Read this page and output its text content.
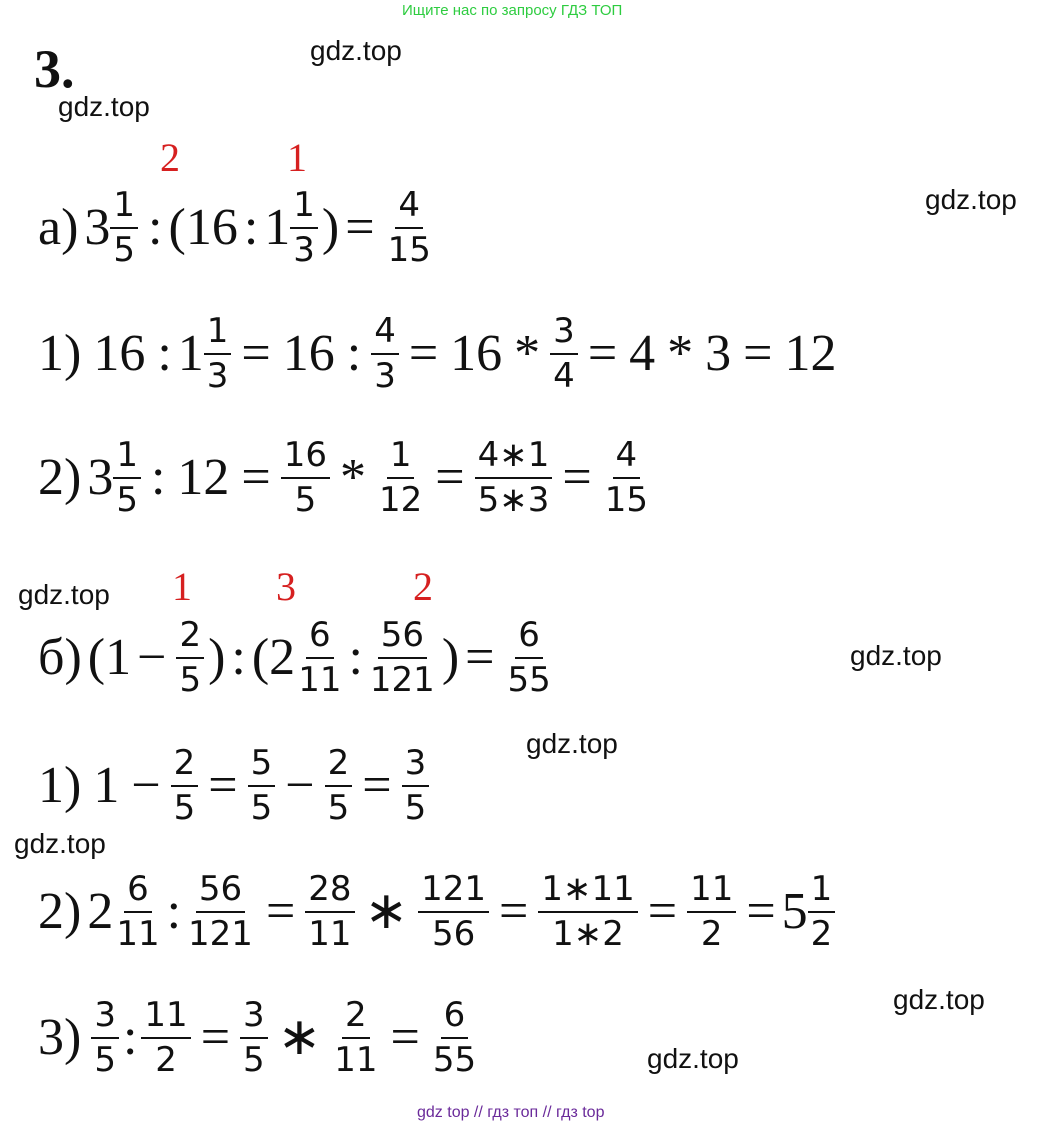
Ищите нас по запросу ГДЗ ТОП
3.	gdz.top
gdz.top
gdz.top
gdz.top
gdz.top
gdz.top
gdz.top
gdz.top
gdz.top
2	1
а) $3 \frac{1}{5}$ : (16 : $1 \frac{1}{3}$ ) = $\frac{4}{15}$
1) 16 : $1 \frac{1}{3} = 16$ : $\frac{4}{3} = 16 * \frac{3}{4} = 4 * 3 = 12$
2) $3 \frac{1}{5}$ : $12 = \frac{16}{5} * \frac{1}{12} = \frac{4∗1}{5∗3} = \frac{4}{15}$
1 3	2
б) ($1 - \frac{2}{5}$ ) : ($2 \frac{6}{11}$ : $\frac{56}{121}$ ) = $\frac{6}{55}$
1) $1 - \frac{2}{5} = \frac{5}{5} - \frac{2}{5} = \frac{3}{5}$
2) $2 \frac{6}{11}$ : $\frac{56}{121} = \frac{28}{11}$ ∗ $\frac{121}{56} = \frac{1∗11}{1∗2} = \frac{11}{2} = 5 \frac{1}{2}$
$3) \frac{3}{5}$ : $\frac{11}{2} = \frac{3}{5}$ ∗ $\frac{2}{11} = \frac{6}{55}$
gdz top // гдз топ // гдз top
